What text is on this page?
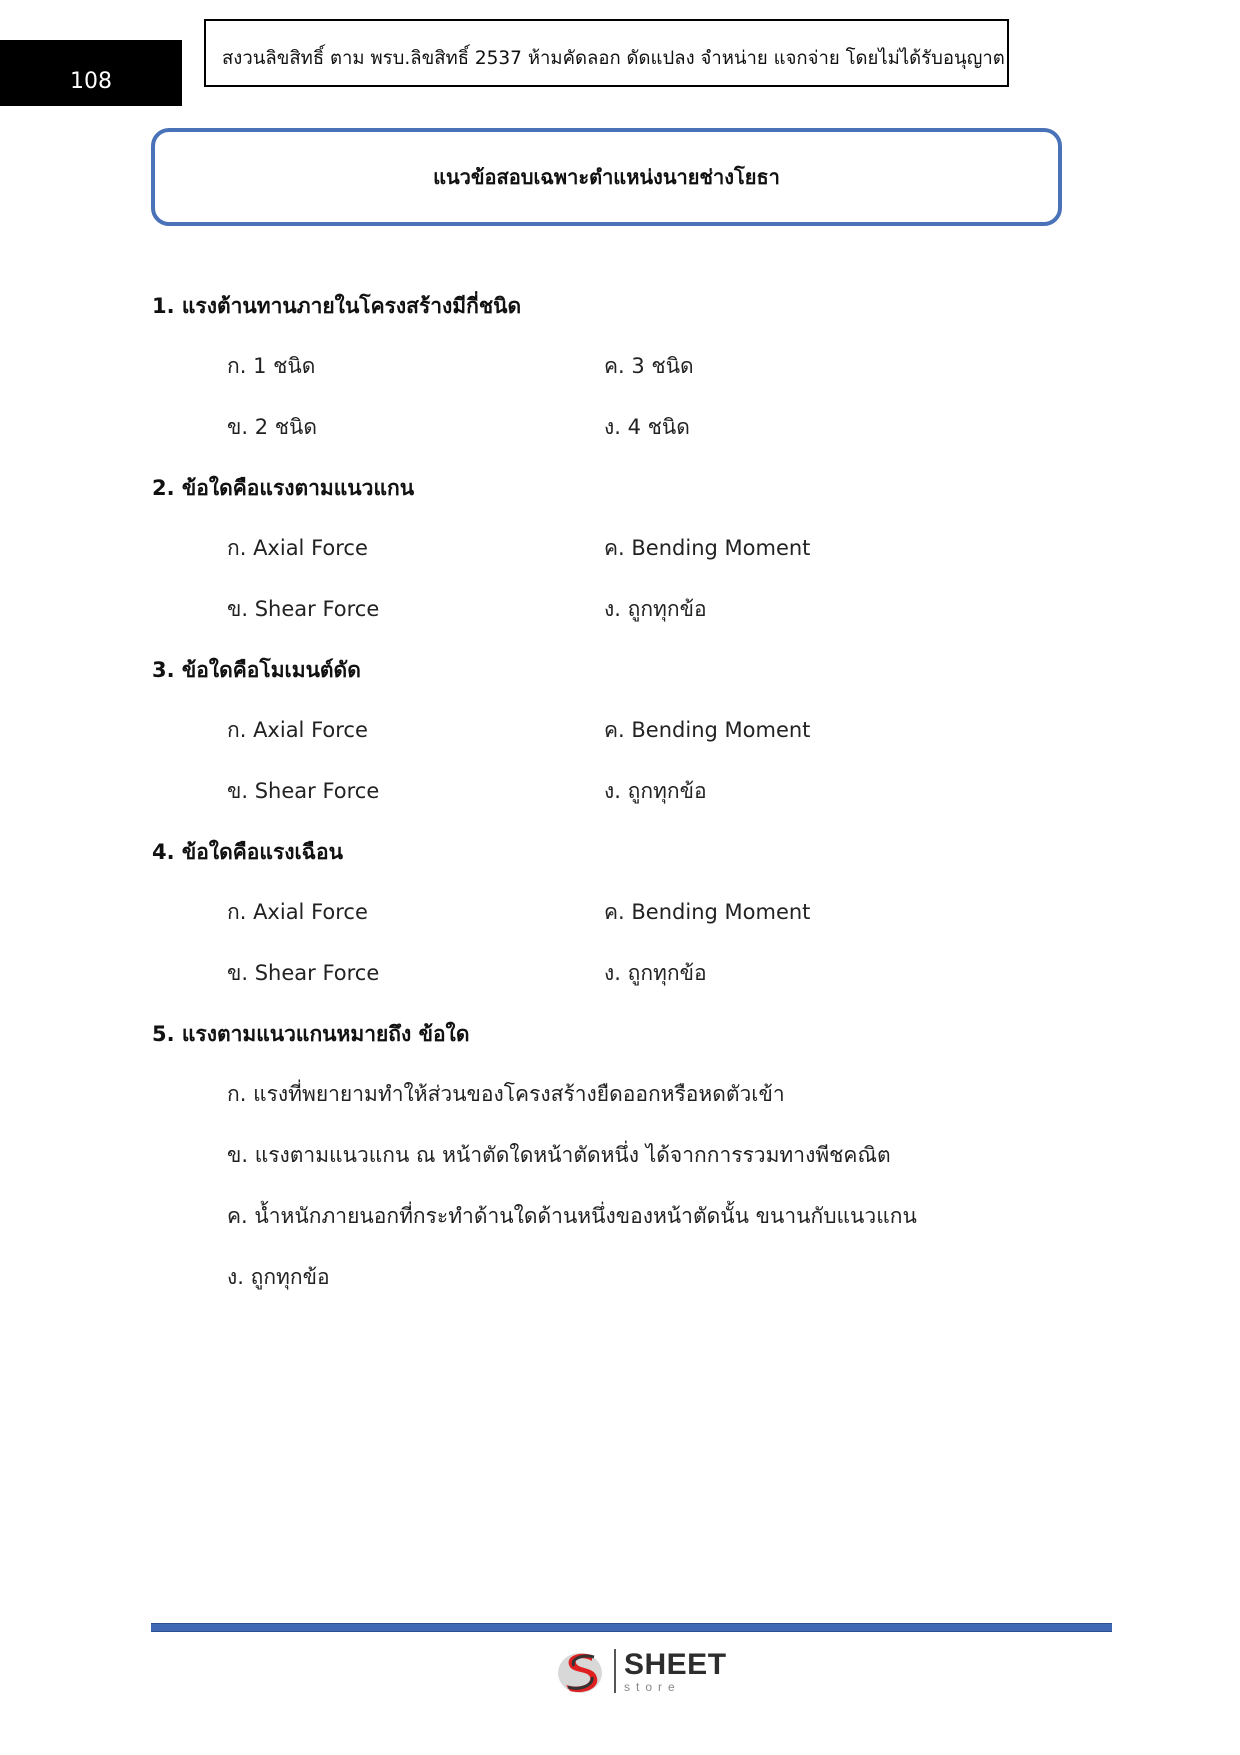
108
สงวนลิขสิทธิ์ ตาม พรบ.ลิขสิทธิ์ 2537 ห้ามคัดลอก ดัดแปลง จำหน่าย แจกจ่าย โดยไม่ได้รับอนุญาต
แนวข้อสอบเฉพาะตำแหน่งนายช่างโยธา
1. แรงต้านทานภายในโครงสร้างมีกี่ชนิด
ก. 1 ชนิด	ค. 3 ชนิด
ข. 2 ชนิด	ง. 4 ชนิด
2. ข้อใดคือแรงตามแนวแกน
ก. Axial Force	ค. Bending Moment
ข. Shear Force	ง. ถูกทุกข้อ
3. ข้อใดคือโมเมนต์ดัด
ก. Axial Force	ค. Bending Moment
ข. Shear Force	ง. ถูกทุกข้อ
4. ข้อใดคือแรงเฉือน
ก. Axial Force	ค. Bending Moment
ข. Shear Force	ง. ถูกทุกข้อ
5. แรงตามแนวแกนหมายถึง ข้อใด
ก. แรงที่พยายามทำให้ส่วนของโครงสร้างยืดออกหรือหดตัวเข้า
ข. แรงตามแนวแกน ณ หน้าตัดใดหน้าตัดหนึ่ง ได้จากการรวมทางพีชคณิต
ค. น้ำหนักภายนอกที่กระทำด้านใดด้านหนึ่งของหน้าตัดนั้น ขนานกับแนวแกน
ง. ถูกทุกข้อ
SHEET
store
